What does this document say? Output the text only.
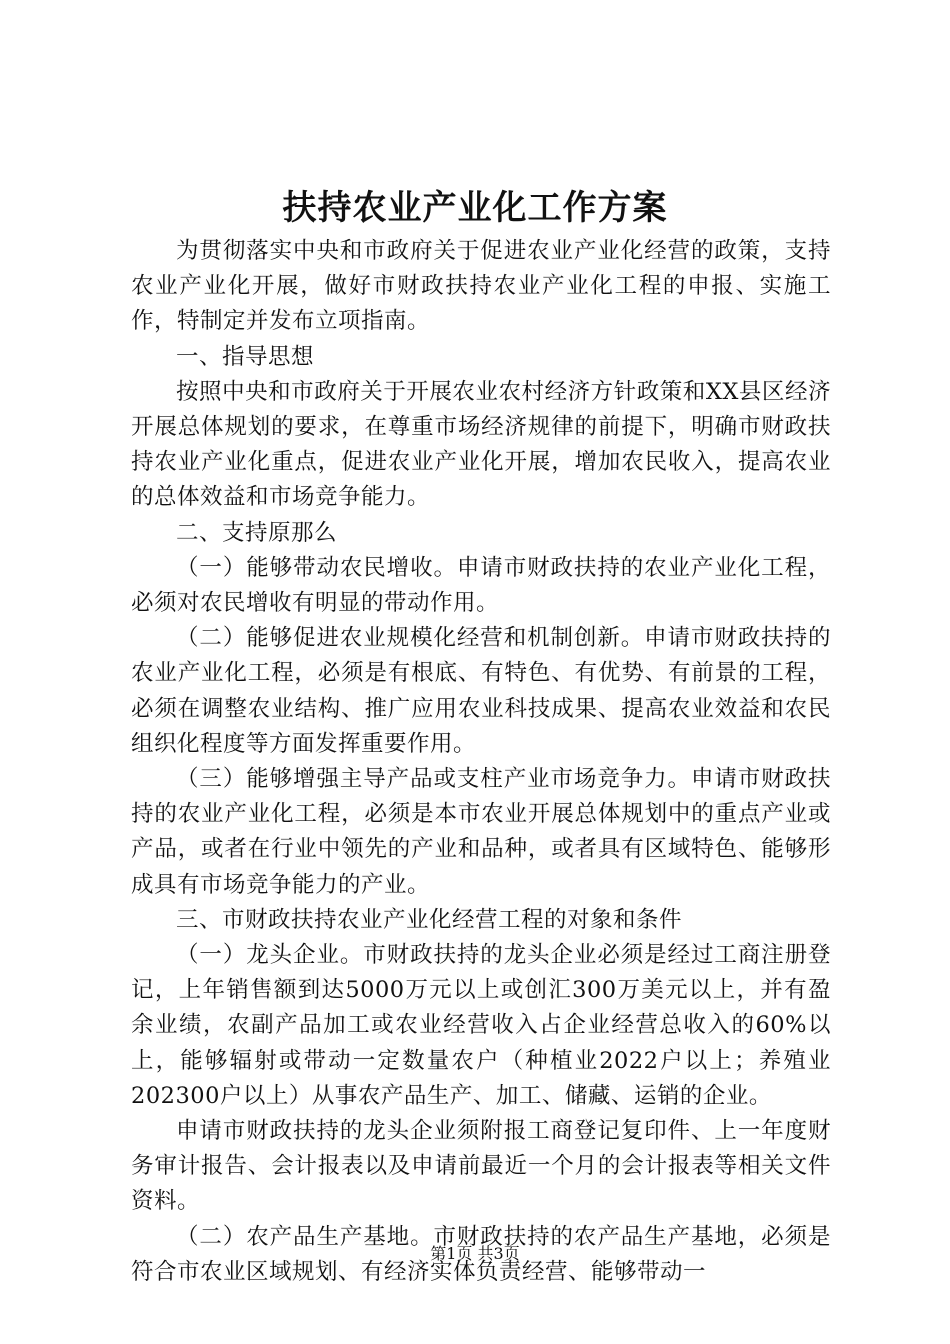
扶持农业产业化工作方案

为贯彻落实中央和市政府关于促进农业产业化经营的政策，支持农业产业化开展，做好市财政扶持农业产业化工程的申报、实施工作，特制定并发布立项指南。

一、指导思想

按照中央和市政府关于开展农业农村经济方针政策和XX县区经济开展总体规划的要求，在尊重市场经济规律的前提下，明确市财政扶持农业产业化重点，促进农业产业化开展，增加农民收入，提高农业的总体效益和市场竞争能力。

二、支持原那么

（一）能够带动农民增收。申请市财政扶持的农业产业化工程，必须对农民增收有明显的带动作用。

（二）能够促进农业规模化经营和机制创新。申请市财政扶持的农业产业化工程，必须是有根底、有特色、有优势、有前景的工程，必须在调整农业结构、推广应用农业科技成果、提高农业效益和农民组织化程度等方面发挥重要作用。

（三）能够增强主导产品或支柱产业市场竞争力。申请市财政扶持的农业产业化工程，必须是本市农业开展总体规划中的重点产业或产品，或者在行业中领先的产业和品种，或者具有区域特色、能够形成具有市场竞争能力的产业。

三、市财政扶持农业产业化经营工程的对象和条件

（一）龙头企业。市财政扶持的龙头企业必须是经过工商注册登记，上年销售额到达5000万元以上或创汇300万美元以上，并有盈余业绩，农副产品加工或农业经营收入占企业经营总收入的60%以上，能够辐射或带动一定数量农户（种植业2022户以上；养殖业202300户以上）从事农产品生产、加工、储藏、运销的企业。

申请市财政扶持的龙头企业须附报工商登记复印件、上一年度财务审计报告、会计报表以及申请前最近一个月的会计报表等相关文件资料。

（二）农产品生产基地。市财政扶持的农产品生产基地，必须是符合市农业区域规划、有经济实体负责经营、能够带动一

第1页 共3页
